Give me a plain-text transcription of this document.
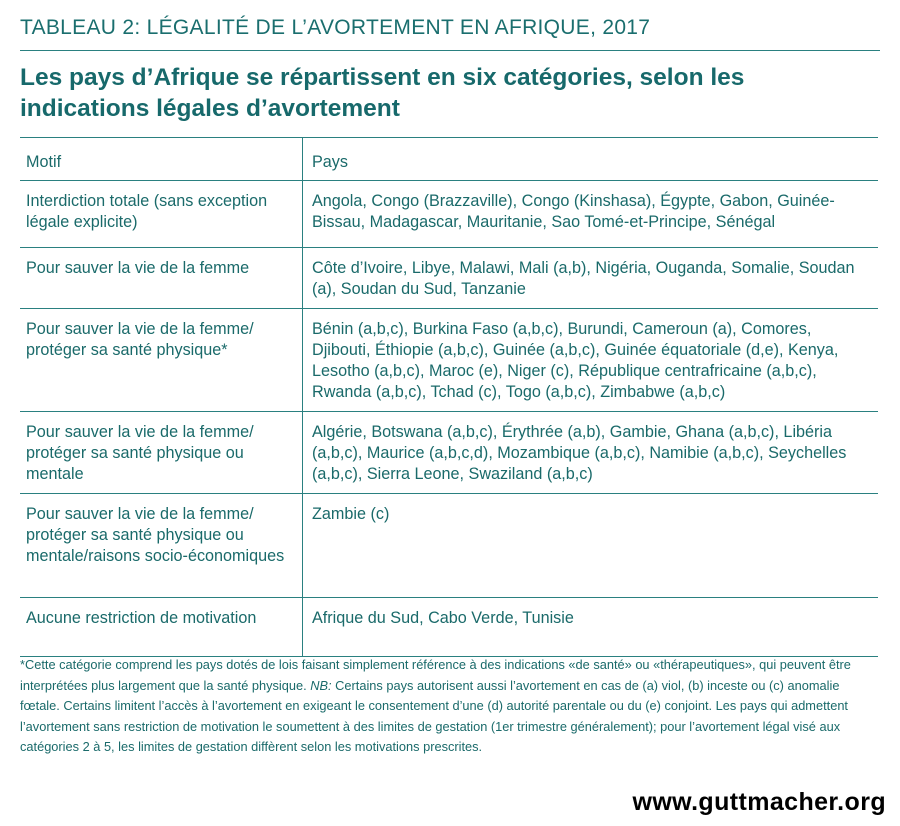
TABLEAU 2: LÉGALITÉ DE L’AVORTEMENT EN AFRIQUE, 2017
Les pays d’Afrique se répartissent en six catégories, selon les indications légales d’avortement
Motif	Pays
Interdiction totale (sans exception légale explicite)	Angola, Congo (Brazzaville), Congo (Kinshasa), Égypte, Gabon, Guinée-Bissau, Madagascar, Mauritanie, Sao Tomé-et-Principe, Sénégal
Pour sauver la vie de la femme	Côte d’Ivoire, Libye, Malawi, Mali (a,b), Nigéria, Ouganda, Somalie, Soudan (a), Soudan du Sud, Tanzanie
Pour sauver la vie de la femme/ protéger sa santé physique*	Bénin (a,b,c), Burkina Faso (a,b,c), Burundi, Cameroun (a), Comores, Djibouti, Éthiopie (a,b,c), Guinée (a,b,c), Guinée équatoriale (d,e), Kenya, Lesotho (a,b,c), Maroc (e), Niger (c), République centrafricaine (a,b,c), Rwanda (a,b,c), Tchad (c), Togo (a,b,c), Zimbabwe (a,b,c)
Pour sauver la vie de la femme/ protéger sa santé physique ou mentale	Algérie, Botswana (a,b,c), Érythrée (a,b), Gambie, Ghana (a,b,c), Libéria (a,b,c), Maurice (a,b,c,d), Mozambique (a,b,c), Namibie (a,b,c), Seychelles (a,b,c), Sierra Leone, Swaziland (a,b,c)
Pour sauver la vie de la femme/ protéger sa santé physique ou mentale/raisons socio-économiques	Zambie (c)
Aucune restriction de motivation	Afrique du Sud, Cabo Verde, Tunisie
*Cette catégorie comprend les pays dotés de lois faisant simplement référence à des indications «de santé» ou «thérapeutiques», qui peuvent être interprétées plus largement que la santé physique. NB: Certains pays autorisent aussi l’avortement en cas de (a) viol, (b) inceste ou (c) anomalie fœtale. Certains limitent l’accès à l’avortement en exigeant le consentement d’une (d) autorité parentale ou du (e) conjoint. Les pays qui admettent l’avortement sans restriction de motivation le soumettent à des limites de gestation (1er trimestre généralement); pour l’avortement légal visé aux catégories 2 à 5, les limites de gestation diffèrent selon les motivations prescrites.
www.guttmacher.org
